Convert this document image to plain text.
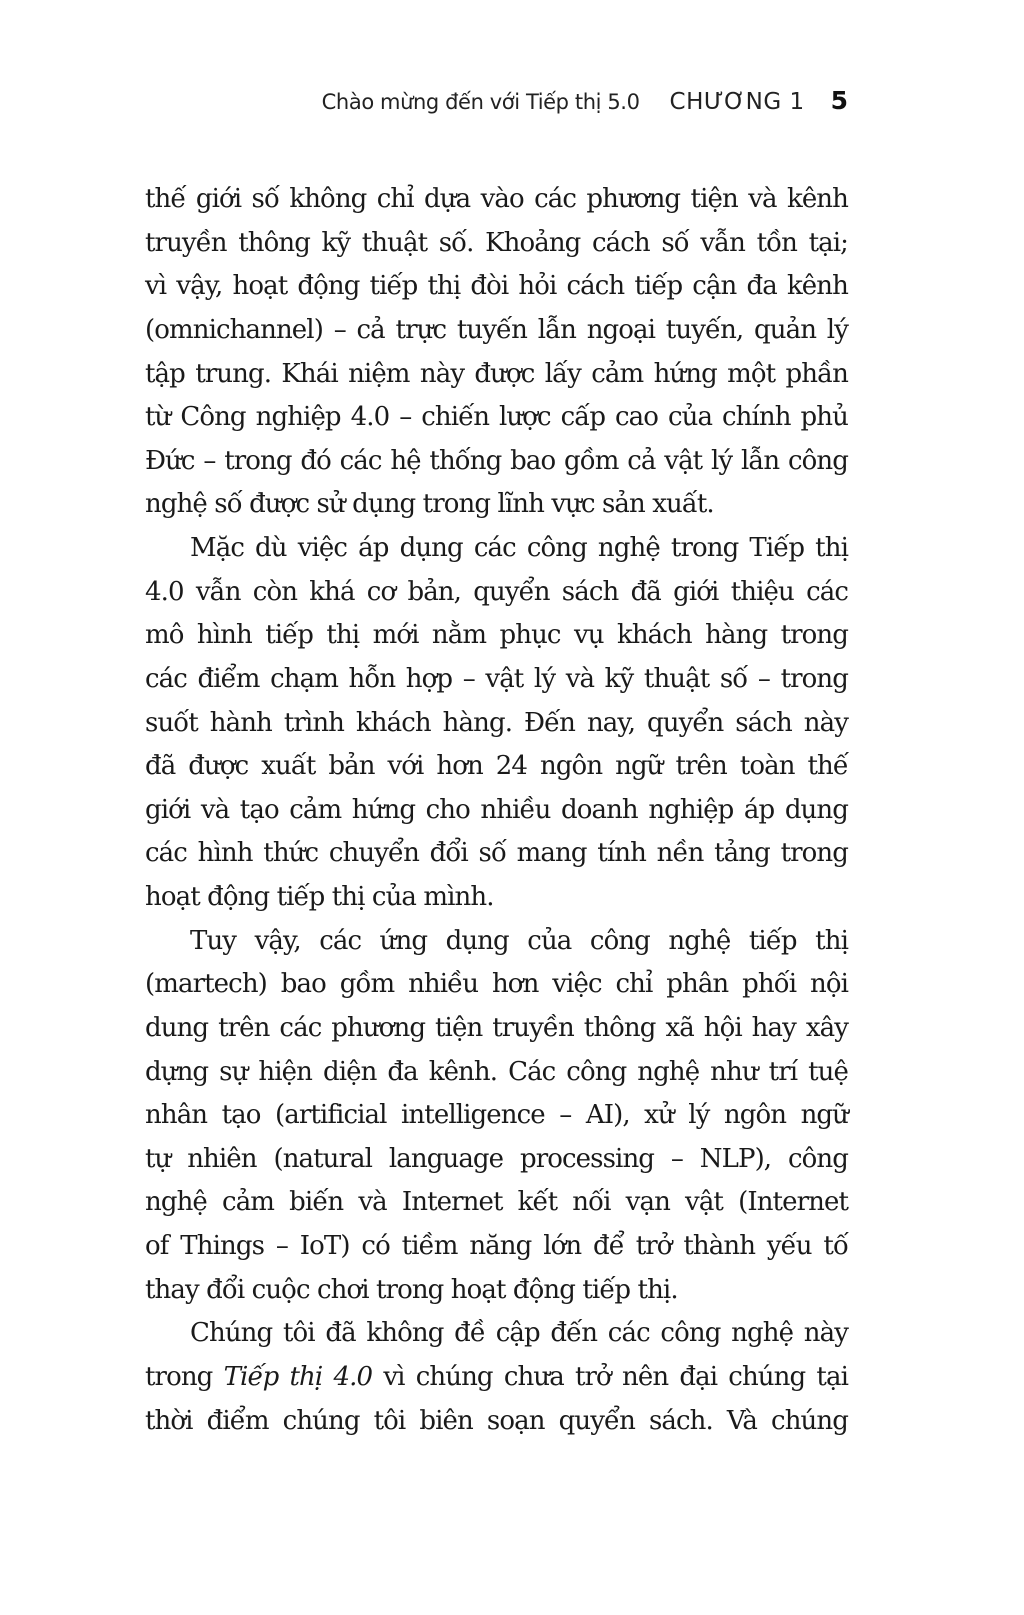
Chào mừng đến với Tiếp thị 5.0 CHƯƠNG 1 5
thế giới số không chỉ dựa vào các phương tiện và kênh
truyền thông kỹ thuật số. Khoảng cách số vẫn tồn tại;
vì vậy, hoạt động tiếp thị đòi hỏi cách tiếp cận đa kênh
(omnichannel) – cả trực tuyến lẫn ngoại tuyến, quản lý
tập trung. Khái niệm này được lấy cảm hứng một phần
từ Công nghiệp 4.0 – chiến lược cấp cao của chính phủ
Đức – trong đó các hệ thống bao gồm cả vật lý lẫn công
nghệ số được sử dụng trong lĩnh vực sản xuất.
Mặc dù việc áp dụng các công nghệ trong Tiếp thị
4.0 vẫn còn khá cơ bản, quyển sách đã giới thiệu các
mô hình tiếp thị mới nằm phục vụ khách hàng trong
các điểm chạm hỗn hợp – vật lý và kỹ thuật số – trong
suốt hành trình khách hàng. Đến nay, quyển sách này
đã được xuất bản với hơn 24 ngôn ngữ trên toàn thế
giới và tạo cảm hứng cho nhiều doanh nghiệp áp dụng
các hình thức chuyển đổi số mang tính nền tảng trong
hoạt động tiếp thị của mình.
Tuy vậy, các ứng dụng của công nghệ tiếp thị
(martech) bao gồm nhiều hơn việc chỉ phân phối nội
dung trên các phương tiện truyền thông xã hội hay xây
dựng sự hiện diện đa kênh. Các công nghệ như trí tuệ
nhân tạo (artificial intelligence – AI), xử lý ngôn ngữ
tự nhiên (natural language processing – NLP), công
nghệ cảm biến và Internet kết nối vạn vật (Internet
of Things – IoT) có tiềm năng lớn để trở thành yếu tố
thay đổi cuộc chơi trong hoạt động tiếp thị.
Chúng tôi đã không đề cập đến các công nghệ này
trong Tiếp thị 4.0 vì chúng chưa trở nên đại chúng tại
thời điểm chúng tôi biên soạn quyển sách. Và chúng
